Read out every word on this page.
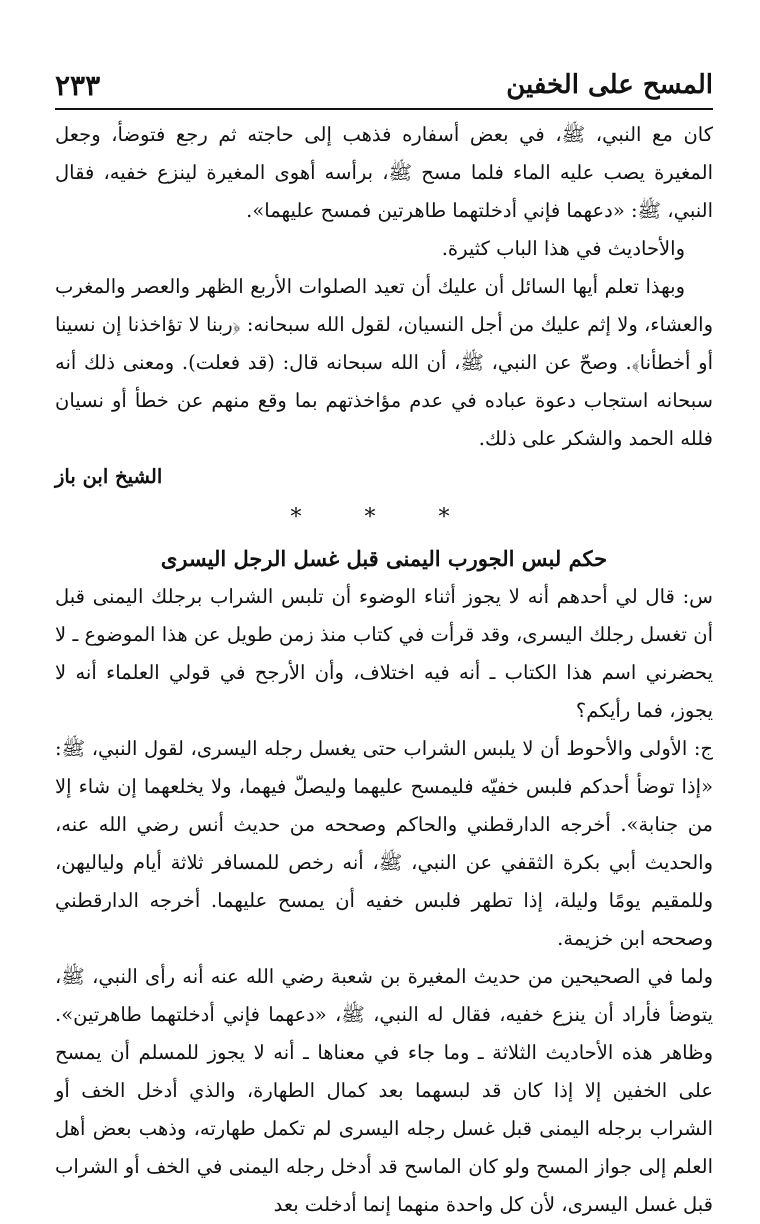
المسح على الخفين
٢٣٣

كان مع النبي، ﷺ، في بعض أسفاره فذهب إلى حاجته ثم رجع فتوضأ، وجعل المغيرة يصب عليه الماء فلما مسح ﷺ، برأسه أهوى المغيرة لينزع خفيه، فقال النبي، ﷺ: «دعهما فإني أدخلتهما طاهرتين فمسح عليهما».

والأحاديث في هذا الباب كثيرة.

وبهذا تعلم أيها السائل أن عليك أن تعيد الصلوات الأربع الظهر والعصر والمغرب والعشاء، ولا إثم عليك من أجل النسيان، لقول الله سبحانه: ﴿ربنا لا تؤاخذنا إن نسينا أو أخطأنا﴾. وصحّ عن النبي، ﷺ، أن الله سبحانه قال: (قد فعلت). ومعنى ذلك أنه سبحانه استجاب دعوة عباده في عدم مؤاخذتهم بما وقع منهم عن خطأ أو نسيان فلله الحمد والشكر على ذلك.

الشيخ ابن باز

* * *

حكم لبس الجورب اليمنى قبل غسل الرجل اليسرى

س: قال لي أحدهم أنه لا يجوز أثناء الوضوء أن تلبس الشراب برجلك اليمنى قبل أن تغسل رجلك اليسرى، وقد قرأت في كتاب منذ زمن طويل عن هذا الموضوع ـ لا يحضرني اسم هذا الكتاب ـ أنه فيه اختلاف، وأن الأرجح في قولي العلماء أنه لا يجوز، فما رأيكم؟

ج: الأولى والأحوط أن لا يلبس الشراب حتى يغسل رجله اليسرى، لقول النبي، ﷺ: «إذا توضأ أحدكم فلبس خفيّه فليمسح عليهما وليصلّ فيهما، ولا يخلعهما إن شاء إلا من جنابة». أخرجه الدارقطني والحاكم وصححه من حديث أنس رضي الله عنه، والحديث أبي بكرة الثقفي عن النبي، ﷺ، أنه رخص للمسافر ثلاثة أيام ولياليهن، وللمقيم يومًا وليلة، إذا تطهر فلبس خفيه أن يمسح عليهما. أخرجه الدارقطني وصححه ابن خزيمة.

ولما في الصحيحين من حديث المغيرة بن شعبة رضي الله عنه أنه رأى النبي، ﷺ، يتوضأ فأراد أن ينزع خفيه، فقال له النبي، ﷺ، «دعهما فإني أدخلتهما طاهرتين». وظاهر هذه الأحاديث الثلاثة ـ وما جاء في معناها ـ أنه لا يجوز للمسلم أن يمسح على الخفين إلا إذا كان قد لبسهما بعد كمال الطهارة، والذي أدخل الخف أو الشراب برجله اليمنى قبل غسل رجله اليسرى لم تكمل طهارته، وذهب بعض أهل العلم إلى جواز المسح ولو كان الماسح قد أدخل رجله اليمنى في الخف أو الشراب قبل غسل اليسرى، لأن كل واحدة منهما إنما أدخلت بعد
